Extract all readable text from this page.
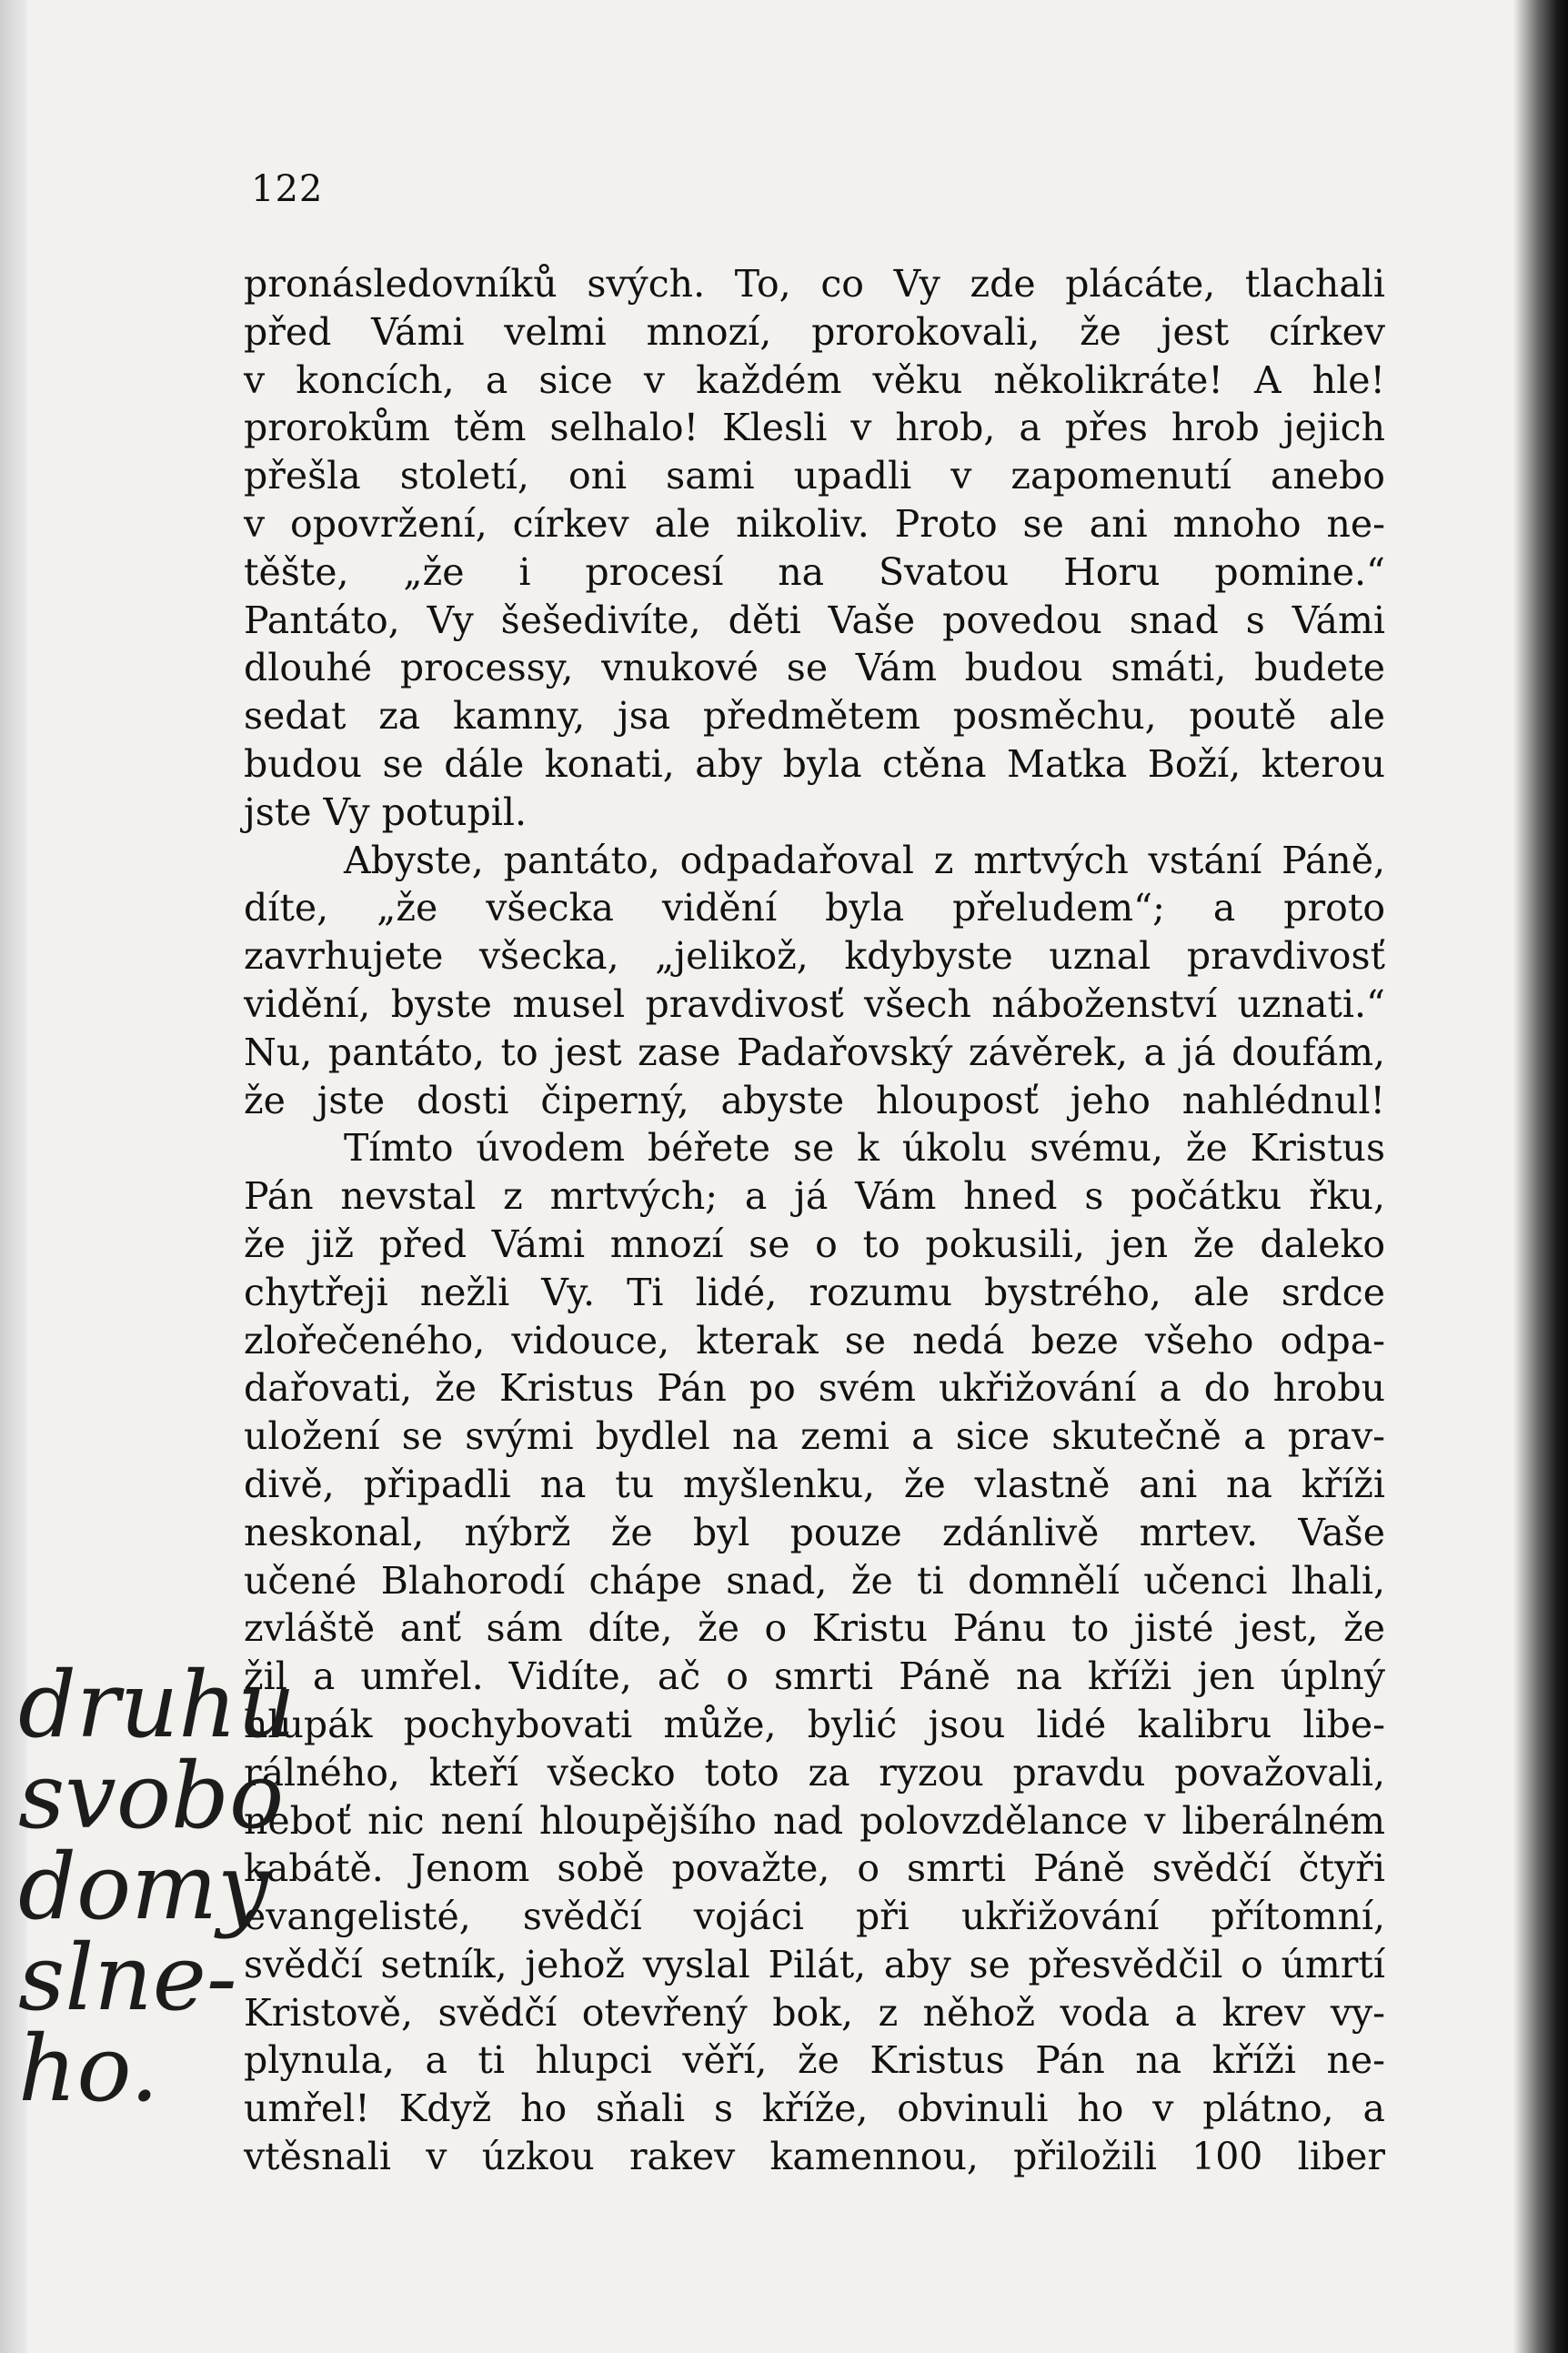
122
pronásledovníků svých. To, co Vy zde plácáte, tlachali
před Vámi velmi mnozí, prorokovali, že jest církev
v koncích, a sice v každém věku několikráte! A hle!
prorokům těm selhalo! Klesli v hrob, a přes hrob jejich
přešla století, oni sami upadli v zapomenutí anebo
v opovržení, církev ale nikoliv. Proto se ani mnoho ne-
těšte, „že i procesí na Svatou Horu pomine.“
Pantáto, Vy šešedivíte, děti Vaše povedou snad s Vámi
dlouhé processy, vnukové se Vám budou smáti, budete
sedat za kamny, jsa předmětem posměchu, poutě ale
budou se dále konati, aby byla ctěna Matka Boží, kterou
jste Vy potupil.
Abyste, pantáto, odpadařoval z mrtvých vstání Páně,
díte, „že všecka vidění byla přeludem“; a proto
zavrhujete všecka, „jelikož, kdybyste uznal pravdivosť
vidění, byste musel pravdivosť všech náboženství uznati.“
Nu, pantáto, to jest zase Padařovský závěrek, a já doufám,
že jste dosti čiperný, abyste hlouposť jeho nahlédnul!
Tímto úvodem béřete se k úkolu svému, že Kristus
Pán nevstal z mrtvých; a já Vám hned s počátku řku,
že již před Vámi mnozí se o to pokusili, jen že daleko
chytřeji nežli Vy. Ti lidé, rozumu bystrého, ale srdce
zlořečeného, vidouce, kterak se nedá beze všeho odpa-
dařovati, že Kristus Pán po svém ukřižování a do hrobu
uložení se svými bydlel na zemi a sice skutečně a prav-
divě, připadli na tu myšlenku, že vlastně ani na kříži
neskonal, nýbrž že byl pouze zdánlivě mrtev. Vaše
učené Blahorodí chápe snad, že ti domnělí učenci lhali,
zvláště anť sám díte, že o Kristu Pánu to jisté jest, že
žil a umřel. Vidíte, ač o smrti Páně na kříži jen úplný
hlupák pochybovati může, bylić jsou lidé kalibru libe-
rálného, kteří všecko toto za ryzou pravdu považovali,
neboť nic není hloupějšího nad polovzdělance v liberálném
kabátě. Jenom sobě považte, o smrti Páně svědčí čtyři
evangelisté, svědčí vojáci při ukřižování přítomní,
svědčí setník, jehož vyslal Pilát, aby se přesvědčil o úmrtí
Kristově, svědčí otevřený bok, z něhož voda a krev vy-
plynula, a ti hlupci věří, že Kristus Pán na kříži ne-
umřel! Když ho sňali s kříže, obvinuli ho v plátno, a
vtěsnali v úzkou rakev kamennou, přiložili 100 liber
druhu
svobo
domy
slne-
ho.
